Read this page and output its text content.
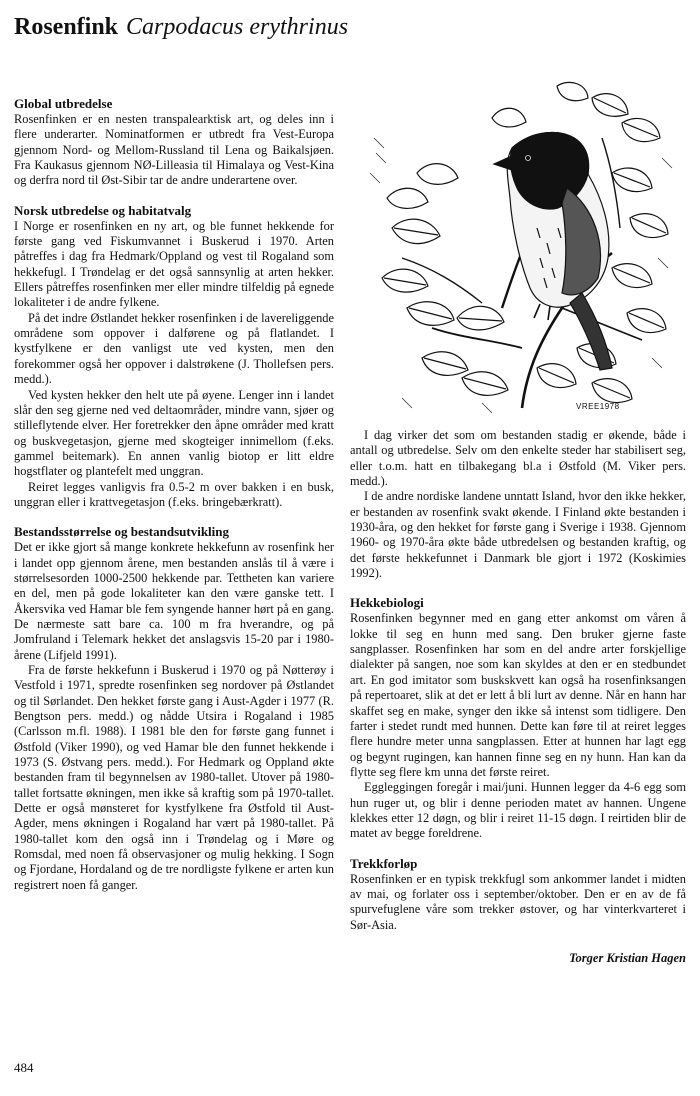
Rosenfink Carpodacus erythrinus
VREE1978
Global utbredelse

Rosenfinken er en nesten transpalearktisk art, og deles inn i flere underarter. Nominatformen er utbredt fra Vest-Europa gjennom Nord- og Mellom-Russland til Lena og Baikalsjøen. Fra Kaukasus gjennom NØ-Lilleasia til Himalaya og Vest-Kina og derfra nord til Øst-Sibir tar de andre underartene over.

Norsk utbredelse og habitatvalg

I Norge er rosenfinken en ny art, og ble funnet hekkende for første gang ved Fiskumvannet i Buskerud i 1970. Arten påtreffes i dag fra Hedmark/Oppland og vest til Rogaland som hekkefugl. I Trøndelag er det også sannsynlig at arten hekker. Ellers påtreffes rosenfinken mer eller mindre tilfeldig på egnede lokaliteter i de andre fylkene.

På det indre Østlandet hekker rosenfinken i de lavereliggende områdene som oppover i dalførene og på flatlandet. I kystfylkene er den vanligst ute ved kysten, men den forekommer også her oppover i dalstrøkene (J. Thollefsen pers. medd.).

Ved kysten hekker den helt ute på øyene. Lenger inn i landet slår den seg gjerne ned ved deltaområder, mindre vann, sjøer og stilleflytende elver. Her foretrekker den åpne områder med kratt og buskvegetasjon, gjerne med skogteiger innimellom (f.eks. gammel beitemark). En annen vanlig biotop er litt eldre hogstflater og plantefelt med unggran.

Reiret legges vanligvis fra 0.5-2 m over bakken i en busk, unggran eller i krattvegetasjon (f.eks. bringebærkratt).

Bestandsstørrelse og bestandsutvikling

Det er ikke gjort så mange konkrete hekkefunn av rosenfink her i landet opp gjennom årene, men bestanden anslås til å være i størrelsesorden 1000-2500 hekkende par. Tettheten kan variere en del, men på gode lokaliteter kan den være ganske tett. I Åkersvika ved Hamar ble fem syngende hanner hørt på en gang. De nærmeste satt bare ca. 100 m fra hverandre, og på Jomfruland i Telemark hekket det anslagsvis 15-20 par i 1980-årene (Lifjeld 1991).

Fra de første hekkefunn i Buskerud i 1970 og på Nøtterøy i Vestfold i 1971, spredte rosenfinken seg nordover på Østlandet og til Sørlandet. Den hekket første gang i Aust-Agder i 1977 (R. Bengtson pers. medd.) og nådde Utsira i Rogaland i 1985 (Carlsson m.fl. 1988). I 1981 ble den for første gang funnet i Østfold (Viker 1990), og ved Hamar ble den funnet hekkende i 1973 (S. Østvang pers. medd.). For Hedmark og Oppland økte bestanden fram til begynnelsen av 1980-tallet. Utover på 1980-tallet fortsatte økningen, men ikke så kraftig som på 1970-tallet. Dette er også mønsteret for kystfylkene fra Østfold til Aust-Agder, mens økningen i Rogaland har vært på 1980-tallet. På 1980-tallet kom den også inn i Trøndelag og i Møre og Romsdal, med noen få observasjoner og mulig hekking. I Sogn og Fjordane, Hordaland og de tre nordligste fylkene er arten kun registrert noen få ganger.

I dag virker det som om bestanden stadig er økende, både i antall og utbredelse. Selv om den enkelte steder har stabilisert seg, eller t.o.m. hatt en tilbakegang bl.a i Østfold (M. Viker pers. medd.).

I de andre nordiske landene unntatt Island, hvor den ikke hekker, er bestanden av rosenfink svakt økende. I Finland økte bestanden i 1930-åra, og den hekket for første gang i Sverige i 1938. Gjennom 1960- og 1970-åra økte både utbredelsen og bestanden kraftig, og det første hekkefunnet i Danmark ble gjort i 1972 (Koskimies 1992).

Hekkebiologi

Rosenfinken begynner med en gang etter ankomst om våren å lokke til seg en hunn med sang. Den bruker gjerne faste sangplasser. Rosenfinken har som en del andre arter forskjellige dialekter på sangen, noe som kan skyldes at den er en stedbundet art. En god imitator som buskskvett kan også ha rosenfinksangen på repertoaret, slik at det er lett å bli lurt av denne. Når en hann har skaffet seg en make, synger den ikke så intenst som tidligere. Den farter i stedet rundt med hunnen. Dette kan føre til at reiret legges flere hundre meter unna sangplassen. Etter at hunnen har lagt egg og begynt rugingen, kan hannen finne seg en ny hunn. Han kan da flytte seg flere km unna det første reiret.

Eggleggingen foregår i mai/juni. Hunnen legger da 4-6 egg som hun ruger ut, og blir i denne perioden matet av hannen. Ungene klekkes etter 12 døgn, og blir i reiret 11-15 døgn. I reirtiden blir de matet av begge foreldrene.

Trekkforløp

Rosenfinken er en typisk trekkfugl som ankommer landet i midten av mai, og forlater oss i september/oktober. Den er en av de få spurvefuglene våre som trekker østover, og har vinterkvarteret i Sør-Asia.

Torger Kristian Hagen
484
